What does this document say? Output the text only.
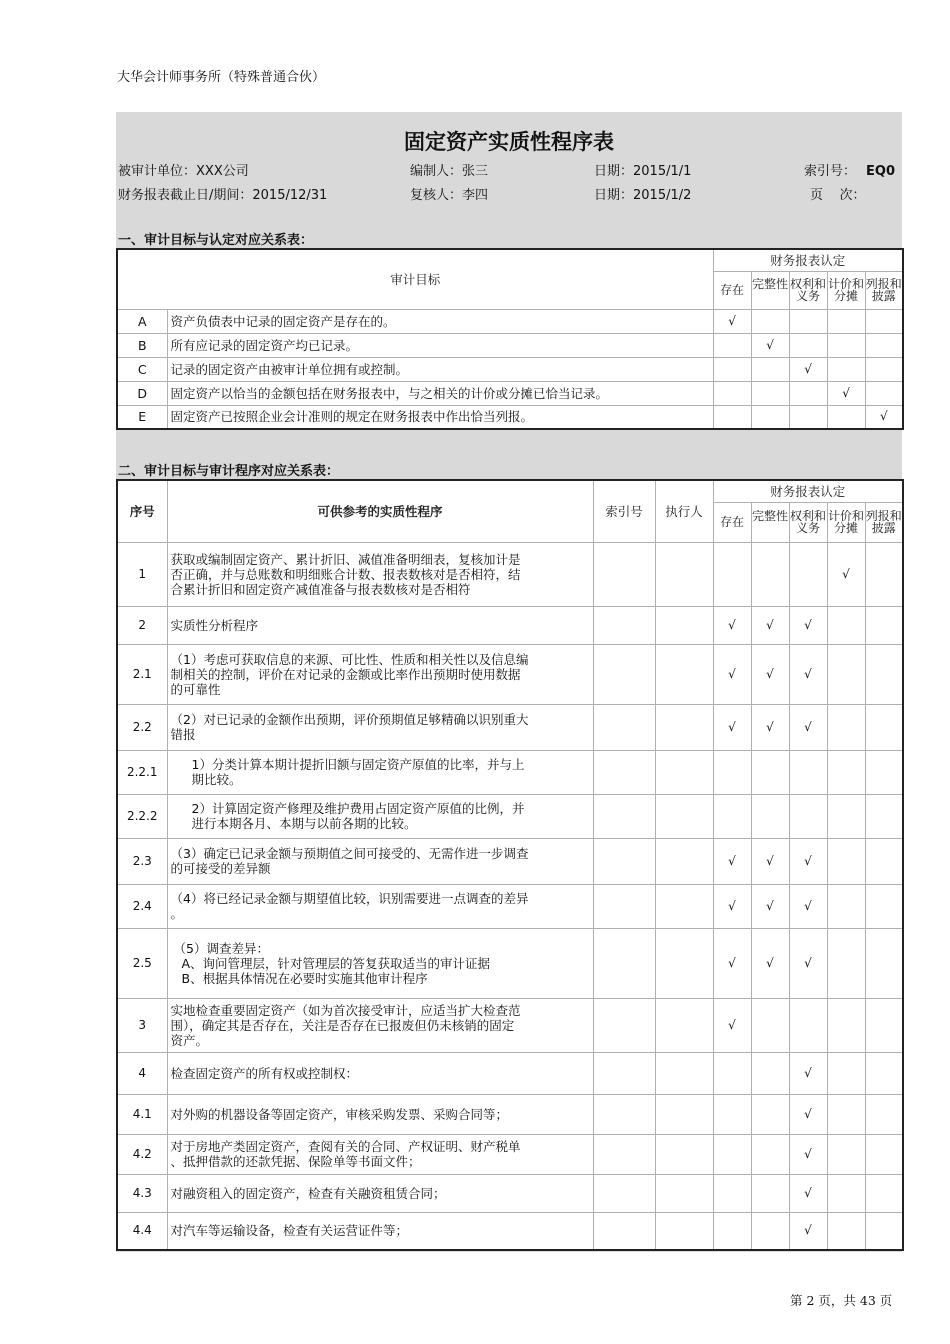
大华会计师事务所（特殊普通合伙）
固定资产实质性程序表
被审计单位：XXX公司	编制人：张三	日期：2015/1/1	索引号： EQ0
财务报表截止日/期间：2015/12/31	复核人：李四	日期：2015/1/2	页    次：
一、审计目标与认定对应关系表：
审计目标		财务报表认定				

		存在	完整性	权利和义务	计价和分摊	列报和披露

A	资产负债表中记录的固定资产是存在的。	√				
B	所有应记录的固定资产均已记录。		√			
C	记录的固定资产由被审计单位拥有或控制。			√		
D	固定资产以恰当的金额包括在财务报表中，与之相关的计价或分摊已恰当记录。				√	
E	固定资产已按照企业会计准则的规定在财务报表中作出恰当列报。					√
二、审计目标与审计程序对应关系表：
序号	可供参考的实质性程序	索引号	执行人	财务报表认定				

				存在	完整性	权利和义务	计价和分摊	列报和披露

1	获取或编制固定资产、累计折旧、减值准备明细表，复核加计是
否正确，并与总账数和明细账合计数、报表数核对是否相符，结
合累计折旧和固定资产减值准备与报表数核对是否相符						√	
2	实质性分析程序			√	√	√		
2.1	（1）考虑可获取信息的来源、可比性、性质和相关性以及信息编
制相关的控制，评价在对记录的金额或比率作出预期时使用数据
的可靠性			√	√	√		
2.2	（2）对已记录的金额作出预期，评价预期值足够精确以识别重大
错报			√	√	√		
2.2.1	1）分类计算本期计提折旧额与固定资产原值的比率，并与上
期比较。							

2.2.2	2）计算固定资产修理及维护费用占固定资产原值的比例，并
进行本期各月、本期与以前各期的比较。							

2.3	（3）确定已记录金额与预期值之间可接受的、无需作进一步调查
的可接受的差异额			√	√	√		
2.4	（4）将已经记录金额与期望值比较，识别需要进一点调查的差异
。			√	√	√		
2.5	（5）调查差异：
A、询问管理层，针对管理层的答复获取适当的审计证据
B、根据具体情况在必要时实施其他审计程序			√	√	√		
3	实地检查重要固定资产（如为首次接受审计，应适当扩大检查范
围），确定其是否存在，关注是否存在已报废但仍未核销的固定
资产。			√				
4	检查固定资产的所有权或控制权：					√		
4.1	对外购的机器设备等固定资产，审核采购发票、采购合同等；					√		
4.2	对于房地产类固定资产，查阅有关的合同、产权证明、财产税单
、抵押借款的还款凭据、保险单等书面文件；					√		
4.3	对融资租入的固定资产，检查有关融资租赁合同；					√		
4.4	对汽车等运输设备，检查有关运营证件等；					√		
第 2 页，共 43 页
